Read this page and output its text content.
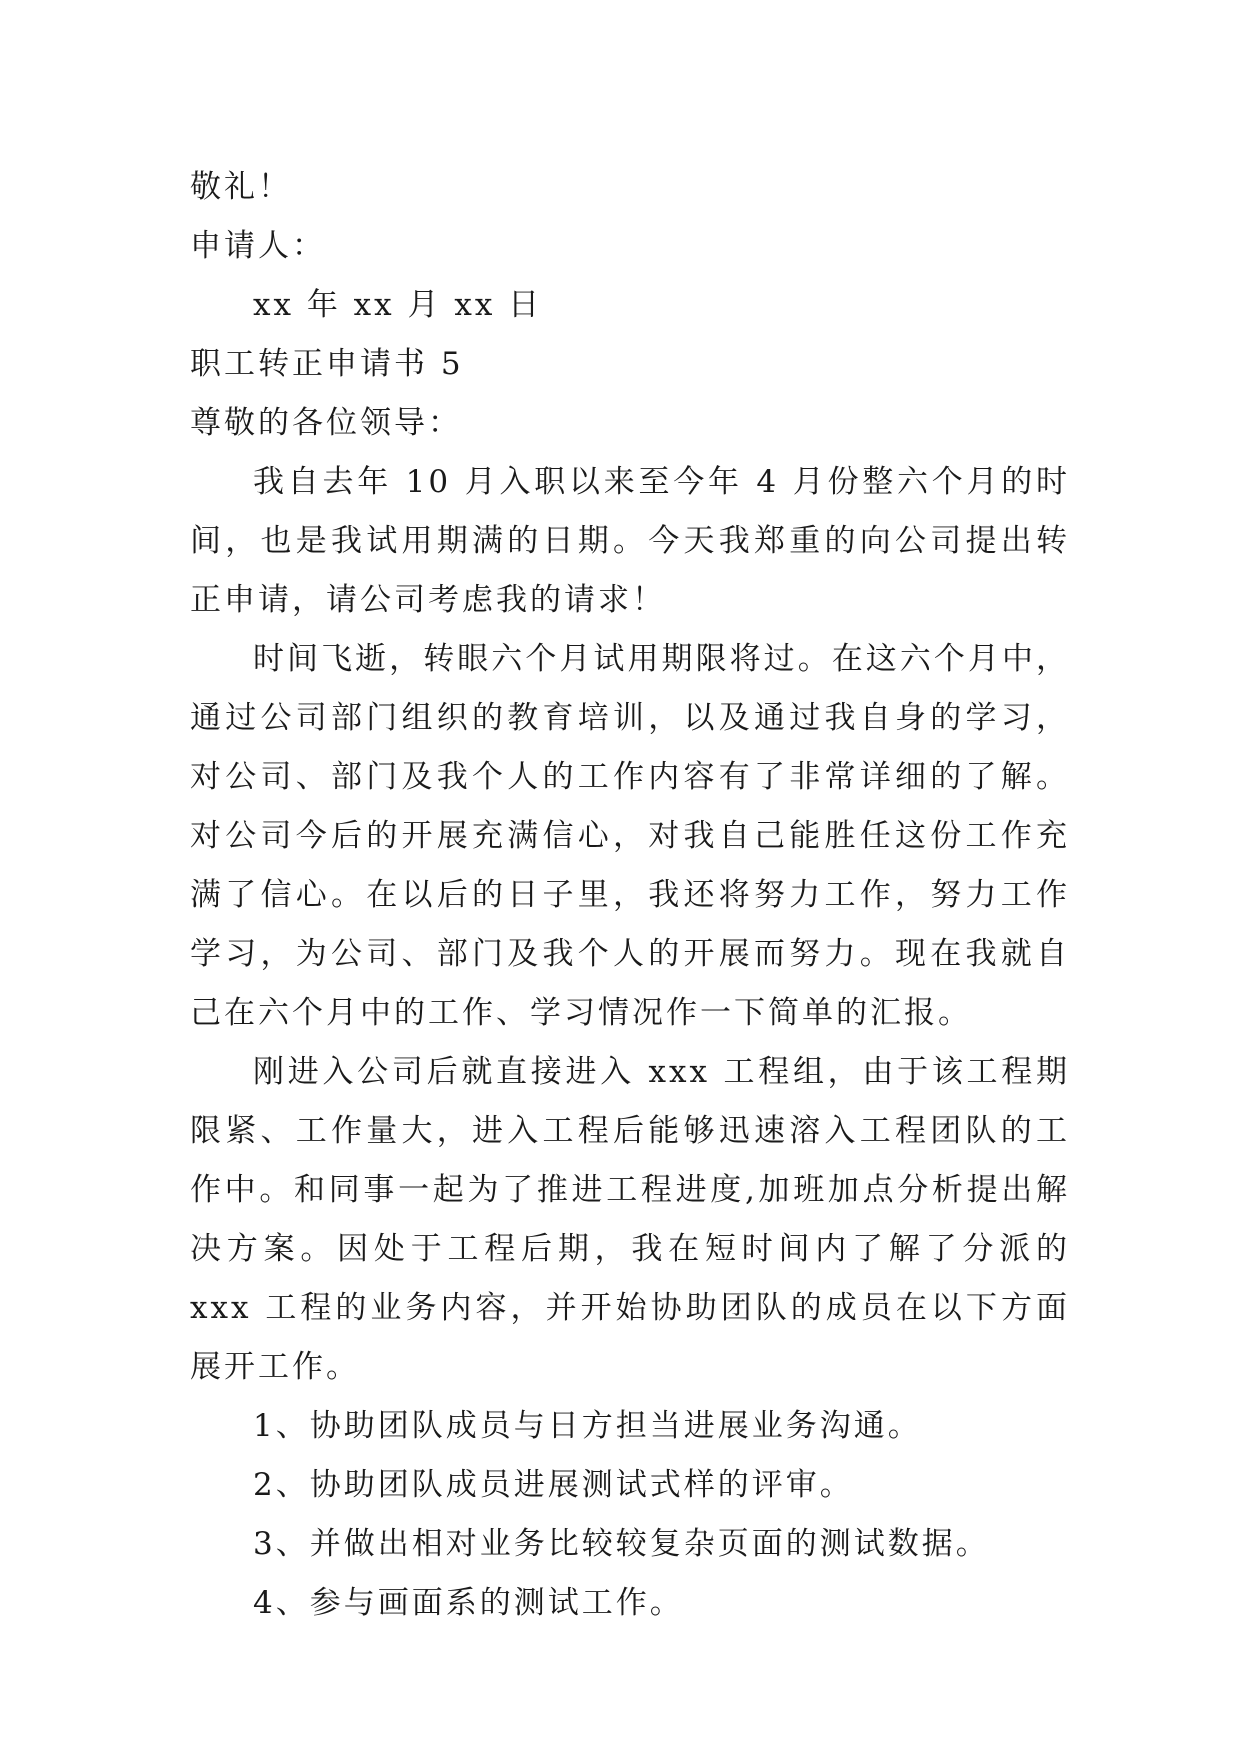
敬礼！
申请人：
xx 年 xx 月 xx 日
职工转正申请书 5
尊敬的各位领导：
我自去年 10 月入职以来至今年 4 月份整六个月的时间，也是我试用期满的日期。今天我郑重的向公司提出转正申请，请公司考虑我的请求！
时间飞逝，转眼六个月试用期限将过。在这六个月中，通过公司部门组织的教育培训，以及通过我自身的学习，对公司、部门及我个人的工作内容有了非常详细的了解。对公司今后的开展充满信心，对我自己能胜任这份工作充满了信心。在以后的日子里，我还将努力工作，努力工作学习，为公司、部门及我个人的开展而努力。现在我就自己在六个月中的工作、学习情况作一下简单的汇报。
刚进入公司后就直接进入 xxx 工程组，由于该工程期限紧、工作量大，进入工程后能够迅速溶入工程团队的工作中。和同事一起为了推进工程进度,加班加点分析提出解决方案。因处于工程后期，我在短时间内了解了分派的 xxx 工程的业务内容，并开始协助团队的成员在以下方面展开工作。
1、协助团队成员与日方担当进展业务沟通。
2、协助团队成员进展测试式样的评审。
3、并做出相对业务比较较复杂页面的测试数据。
4、参与画面系的测试工作。
